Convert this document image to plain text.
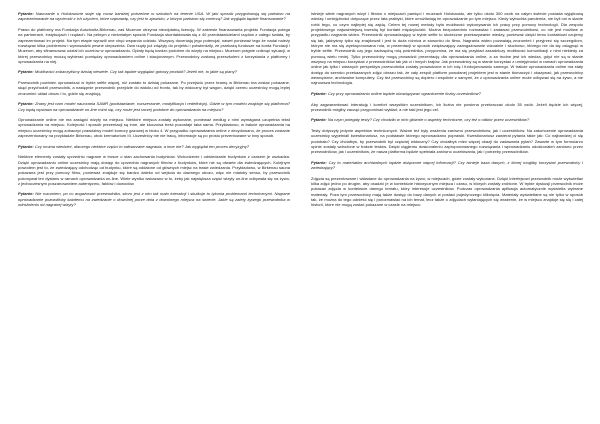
Pytanie: Nauczanie o Holokauście staje się coraz bardziej potrzebne w szkołach na terenie USA. W jaki sposób przygotowują się państwo na zapotrzebowanie na wycieczki z ich użyciem, które naprawdę, czy jest to zjawisko, z którym państwo się zmierzą? Jak wygląda będzie finansowanie?

Prawo do platformy ma Fundacja Auschwitz-Birkenau, zaś Muzeum otrzyma nieodpłatną licencję. W zakresie finansowania projektu Fundacja polega na partnerach, instytucjach i rządach. Na pełnym z nieśmiałym sposób Fundacja skontaktowała się z 40 przedstawicielami rządów z całego świata, by zaprezentować im projekt. Na tym etapie wyrazili one chęć wsparcia udziału. Wszyscy doceniają jego potencjał, nawet ponieważ tego że nadal należy rozwiązać kilka problemów i wprowadzić pewne ulepszenia. Dwa rządy już zdążyły do projektu i potwierdziły, że przekażą fundusze na konta Fundacji i Muzeum, aby sfinansować udział ich uczniów w oprowadzaniu. Opłaty będą bardzo podobne do wizyty na miejscu. Muzeum pragnie uniknąć sytuacji, w której przewodnicy muszą wybierać pomiędzy oprowadzaniem online i stacjonarnym. Przewodnicy zostaną przeszkoleni z korzystania z platformy i oprowadzania na niej.

Pytanie: Możliwości zobaczyliśmy dzisiaj niewiele. Czy tak będzie wyglądać gotowy produkt? Jeżeli nie, to jakie są plany?

Przewodnik powinien oprowadzać w trybie selfie więcej, niż zostało to dzisiaj pokazane. Po przejściu przez bramę w Birkenau ma zostać pokazane, skąd przychodził przewodnik, a następnie przewodnik przejdzie do widoku od frontu, tak by widoczny był wagon, dzięki czemu uczestnicy mogą lepiej zrozumieć układ obozu i to, gdzie się znajdują.

Pytanie: Znany jest nam model nauczania SAMR (podstawianie, rozszerzanie, modyfikacja i redefinicja). Gdzie w tym modelu znajduje się platforma? Czy będą wystawa na oprowadzanie on-line różni się, czy może jest raczej podobne do oprowadzania na miejscu?

Oprowadzanie online nie ma zastąpić wizyty na miejscu. Niektóre miejsca zostały wykonane, ponieważ według z nimi wymagana uzupełnia tekst oprowadzania na miejscu. Kolejność i sposób prezentacji są inne, ale kluczowa treść pozostaje taka sama. Przykładowo, w trakcie oprowadzania na miejscu uczestnicy mogą zobaczyć prawdziwy model komory gazowej w bloku 4. W przypadku oprowadzania online z decydowano, że proces zostanie zaprezentowany na przykładzie Birkenau, obok krematorium III. Uczestnicy nie nie tracą, informacje są po prostu prezentowane w inny sposób.

Pytanie: Czy można wiedzieć, dlaczego niektóre części to odtwarzane nagrania, a inne nie? Jak wyglądał ten proces decyzyjny?

Niektóre elementy zostały uprzednio nagrane w trosce o stan zachowania budynków. Wchodzenie i odwiedzanie budynków z czasem je uszkadza. Dzięki oprowadzaniu online uczestnicy mają dostęp do uprzednio nagranych filmów z budynków, które nie są otwarte dla zwiedzających. Kolejnym powodem jest to, że zwiedzający odchodząc od budynku, które są oddalone od głównych miejsc na trasie zwiedzania. Przykładowo, w Birkenau sauna pokazana jest przy pomocy filmu, ponieważ znajduje się bardzo daleko od wejścia do dawnego obozu, więc nie miałoby sensu, by przewodnik pokonywał ten dystans w ramach oprowadzania on-line. Wiele wyniku wskazano w to, żeby jak największa część wizyty on-line odbywała się na żywo, z jednoczesnym poszanowaniem autentyzmu, faktów i dowodów.

Pytanie: Nie rozumiem, po co angażować przewodnika, skoro jest z nim tak mało interakcji i skutkuje to tylomia problemami technicznymi. Nagrane oprowadzanie pozwoliłoby każdemu na zwiedzanie o dowolnej porze dnia z dowolnego miejsca na świecie. Jakie są zalety żywego przewodnika w odróżnieniu od nagranej wizyty?

Istnieje wiele nagranych wizyt i filmów o miejscach pamięci i muzeach Holokaustu, ale tylko około 300 osób na całym świecie posiada wyjątkową wiedzę i umiejętności dotyczące przez lata praktyki, które umożliwiają im oprowadzanie po tym miejscu. Kiedy wybuchła pandemia, nie byli oni w stanie robić tego, co czym najlepiej się zajdą. Celem tej nowej metody była możliwość wykonywania ich pracy przy pomocy technologii. Dla zespołu projektowego najważniejszą kwestią był kontakt międzyludzki. Można bezpośrednio rozmawiać i zadawać przewodnikowi, co nie jest możliwe w przypadku nagrania wideo. Przewodnik oprowadzający w trybie selfie to skuteczne przekazywanie wiedzy, ponieważ dzięki temu kontaktowi czujemy się tak, jakbyśmy tylko się znajdowali i jest to duża różnica w stosunku do filmu. Nagrania wideo pozwalają zrozumieć i przyjrzeć się szczegółom, którym nie ma się wyeksponowana rola, w prezentacji w sposób zwiększający zaangażowanie wizualnie i słuchowo, którego nie da się osiągnąć w trybie selfie. Przewodnik czy jego nadrzędną rolą pośrednika, przypomina, że ma się przykład zasadniczy możliwość komunikacji z nimi niekiedy za pomocą wielu mniej. Tylko przewodnicy mogą prowadzić prezentację dla oprowadzania online, a za trudne jest ich wiedza, gdyż nie są w stanie wszyscy na miejscu korzystać z przewodników tak jak ci i innych krajów. Jak przewodnicy są w stanie korzystać z umiejętności w ramach oprowadzania online jak tylko i własnych perspektyw przewodnika zostały prowadzone w ich rolę i funkcjonowaniu samego. W trakcie oprowadzania online ma stały dostęp do szeroko przekazanych zdjęć obrazu tak, że cały zespół platform powołanej projektem jest w stanie tłumaczyć i okazywać, jak przewodnicy wewnętrzne, archiwalne komputery. Czy też przewodnicy są dopiero i wspólnie z samymi, że z oprowadzania online może odbywać się na żywo, a nie najnowsza technologia.

Pytanie: Czy przy oprowadzaniu online będzie obowiązywać ograniczenie liczby uczestników?

Aby zagwarantować interakcję i komfort wszystkim uczestnikom, ich liczba nie powinna przekraczać około 35 osób. Jeżeli będzie ich więcej, przewodnik mógłby zacząć przypominać wykład, a nie taki jest jego cel.

Pytanie: Na czym polegały testy? Czy chodziło w nich głównie o aspekty techniczne, czy też o odbiór przez uczestników?

Testy dotyczyły jedynie aspektów technicznych. Ważne też były wrażenia zarówno przewodników, jak i uczestników. Na zakończenie oprowadzania uczestnicy wypełniali kwestionariusz, na podstawie którego wprowadzano poprawki. Kwestionariusz zawierał pytania takie jak: Co najbardziej ci się podobało? Czy chciałbyś, by przewodnik był częściej widoczny? Czy chciałbyś mieć więcej okazji do zadawania pytań? Zawarte w tym formularzu opinie zostały wdrożone w trakcie testów. Dzięki ciągłemu doskonaleniu zaproponowanego rozwiązania i wprowadzaniu udoskonaleń zarówno przez przewodników, jak i uczestników, że nasza platforma będzie spełniała zarówno oczekiwania, jak i potrzeby przewodników.

Pytanie: Czy to materiałów archiwalnych będzie dołączone więcej informacji? Czy istnieje baza danych, z której mogliby korzystać przewodnicy i zwiedzający?

Zdjęcia są prezentowane i wkładane do oprowadzania na żywo, w miejscach, gdzie zostały wykonane. Dzięki interfejsowi przewodnik może wyświetlać kilka zdjęć jedno po drugim, aby osadzić je w kontekście historycznym miejsca i czasu, w których zostały zrobione. W trybie dyskusji przewodnik może pokazać zdjęcia w kontekście danego tematu, który interesuje uczestników. Podczas oprowadzania aplikacja automatycznie wyświetla wybrane materiały. Poza tym przewodnicy mają także dostęp do bazy danych w postaci pojedynczego kliknięcia. Materiały wyświetlane są nie tylko w sposób tak, że można do tego odnieść się i porozmawiać na ich temat, lecz także o zdjęciach wyłaniających się wrażenie, że w miejscu znajduje się się i całej historii, które nie mogą zostać pokazane w czasie na miejscu.
